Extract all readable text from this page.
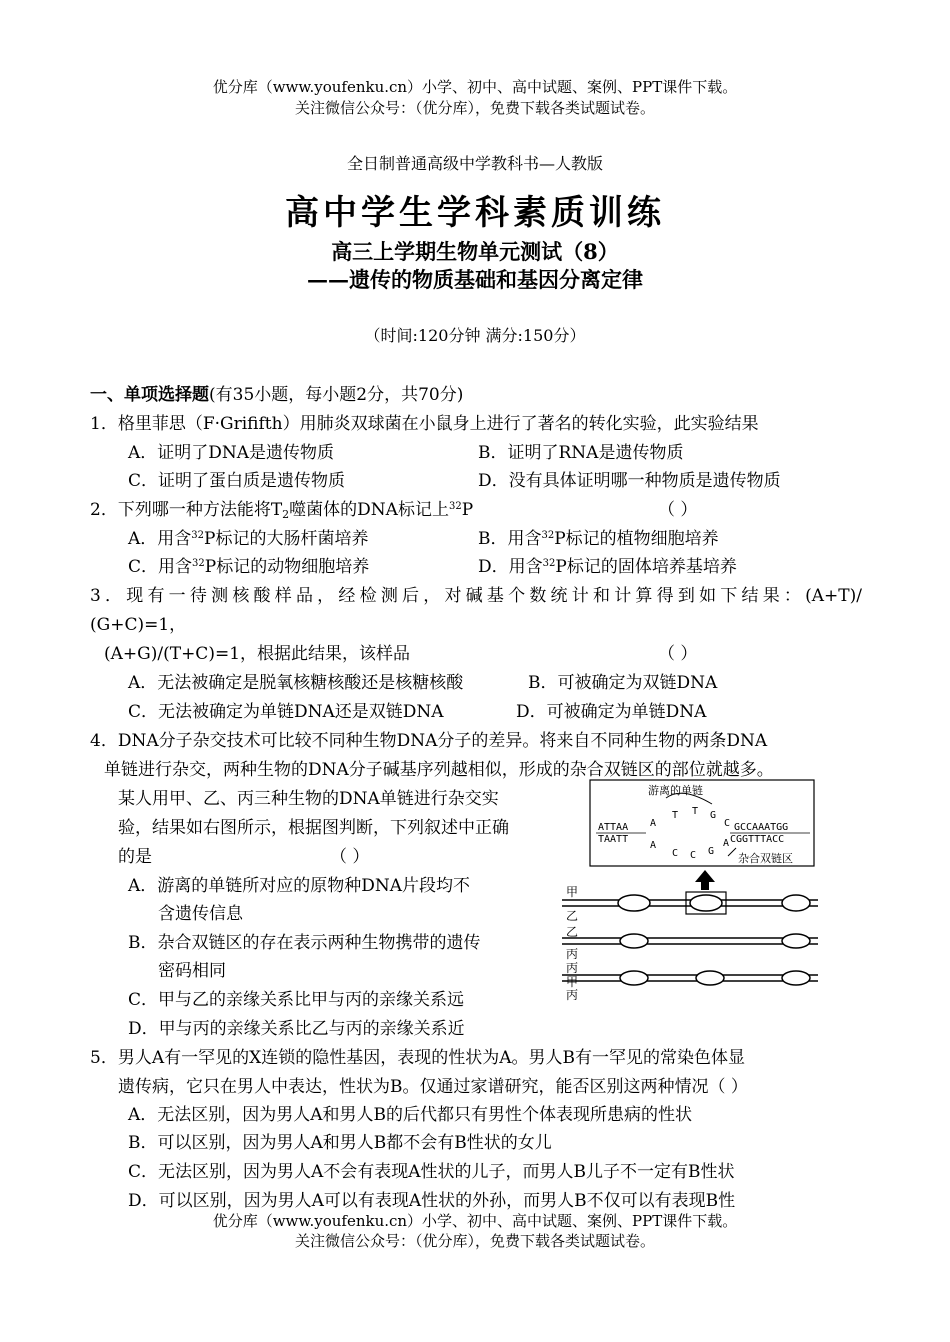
优分库（www.youfenku.cn）小学、初中、高中试题、案例、PPT课件下载。
关注微信公众号：（优分库），免费下载各类试题试卷。
全日制普通高级中学教科书—人教版
高中学生学科素质训练
高三上学期生物单元测试（8）
——遗传的物质基础和基因分离定律
（时间:120分钟 满分:150分）
一、单项选择题(有35小题，每小题2分，共70分)
1．格里菲思（F·Grififth）用肺炎双球菌在小鼠身上进行了著名的转化实验，此实验结果
A．证明了DNA是遗传物质	B．证明了RNA是遗传物质
C．证明了蛋白质是遗传物质	D．没有具体证明哪一种物质是遗传物质
2．下列哪一种方法能将$T_2$噬菌体的DNA标记上$^{32}$P	（ ）
A．用含$^{32}$P标记的大肠杆菌培养	B．用含$^{32}$P标记的植物细胞培养
C．用含$^{32}$P标记的动物细胞培养	D．用含$^{32}$P标记的固体培养基培养
3．现有一待测核酸样品，经检测后，对碱基个数统计和计算得到如下结果：(A+T)/
(G+C)=1，
(A+G)/(T+C)=1，根据此结果，该样品	（ ）
A．无法被确定是脱氧核糖核酸还是核糖核酸	B．可被确定为双链DNA
C．无法被确定为单链DNA还是双链DNA	D．可被确定为单链DNA
4．DNA分子杂交技术可比较不同种生物DNA分子的差异。将来自不同种生物的两条DNA
单链进行杂交，两种生物的DNA分子碱基序列越相似，形成的杂合双链区的部位就越多。
某人用甲、乙、丙三种生物的DNA单链进行杂交实
验，结果如右图所示，根据图判断，下列叙述中正确
的是	（ ）
A．游离的单链所对应的原物种DNA片段均不
含遗传信息
B．杂合双链区的存在表示两种生物携带的遗传
密码相同
C．甲与乙的亲缘关系比甲与丙的亲缘关系远
D．甲与丙的亲缘关系比乙与丙的亲缘关系近
游离的单链
ATTAA
TAATT
GCCAAATGG
CGGTTTACC
A
T T G
C
A
C C G
A
杂合双链区
甲
乙
乙
丙
丙
丙
甲
5．男人A有一罕见的X连锁的隐性基因，表现的性状为A。男人B有一罕见的常染色体显
遗传病，它只在男人中表达，性状为B。仅通过家谱研究，能否区别这两种情况（ ）
A．无法区别，因为男人A和男人B的后代都只有男性个体表现所患病的性状
B．可以区别，因为男人A和男人B都不会有B性状的女儿
C．无法区别，因为男人A不会有表现A性状的儿子，而男人B儿子不一定有B性状
D．可以区别，因为男人A可以有表现A性状的外孙，而男人B不仅可以有表现B性
优分库（www.youfenku.cn）小学、初中、高中试题、案例、PPT课件下载。
关注微信公众号：（优分库），免费下载各类试题试卷。
